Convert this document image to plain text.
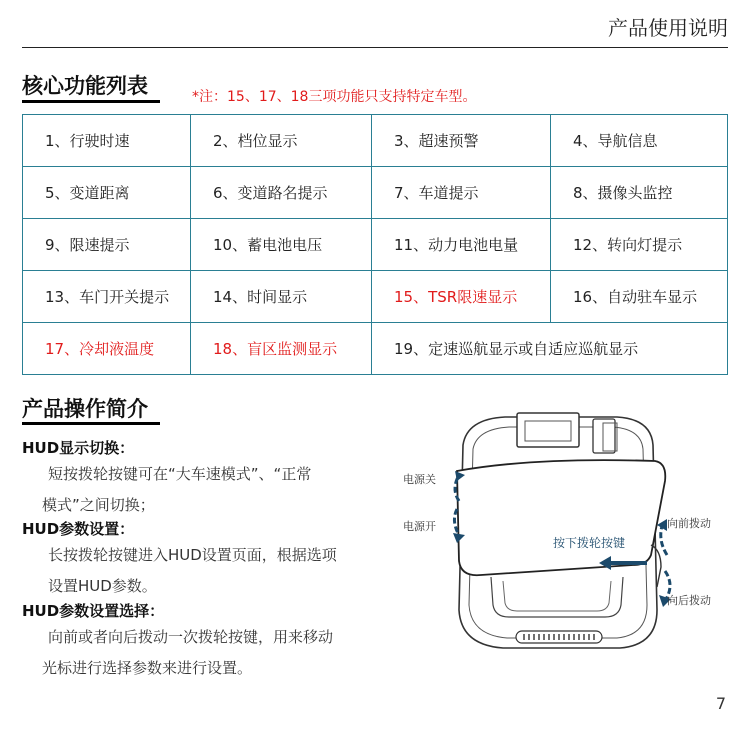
产品使用说明
核心功能列表	*注：15、17、18三项功能只支持特定车型。
1、行驶时速	2、档位显示	3、超速预警	4、导航信息
5、变道距离	6、变道路名提示	7、车道提示	8、摄像头监控
9、限速提示	10、蓄电池电压	11、动力电池电量	12、转向灯提示
13、车门开关提示	14、时间显示	15、TSR限速显示	16、自动驻车显示
17、冷却液温度	18、盲区监测显示	19、定速巡航显示或自适应巡航显示	
产品操作简介
HUD显示切换：
短按拨轮按键可在“大车速模式”、“正常
模式”之间切换；
HUD参数设置：
长按拨轮按键进入HUD设置页面，根据选项
设置HUD参数。
HUD参数设置选择：
向前或者向后拨动一次拨轮按键，用来移动
光标进行选择参数来进行设置。
电源关
电源开
按下拨轮按键
向前拨动
向后拨动
7
